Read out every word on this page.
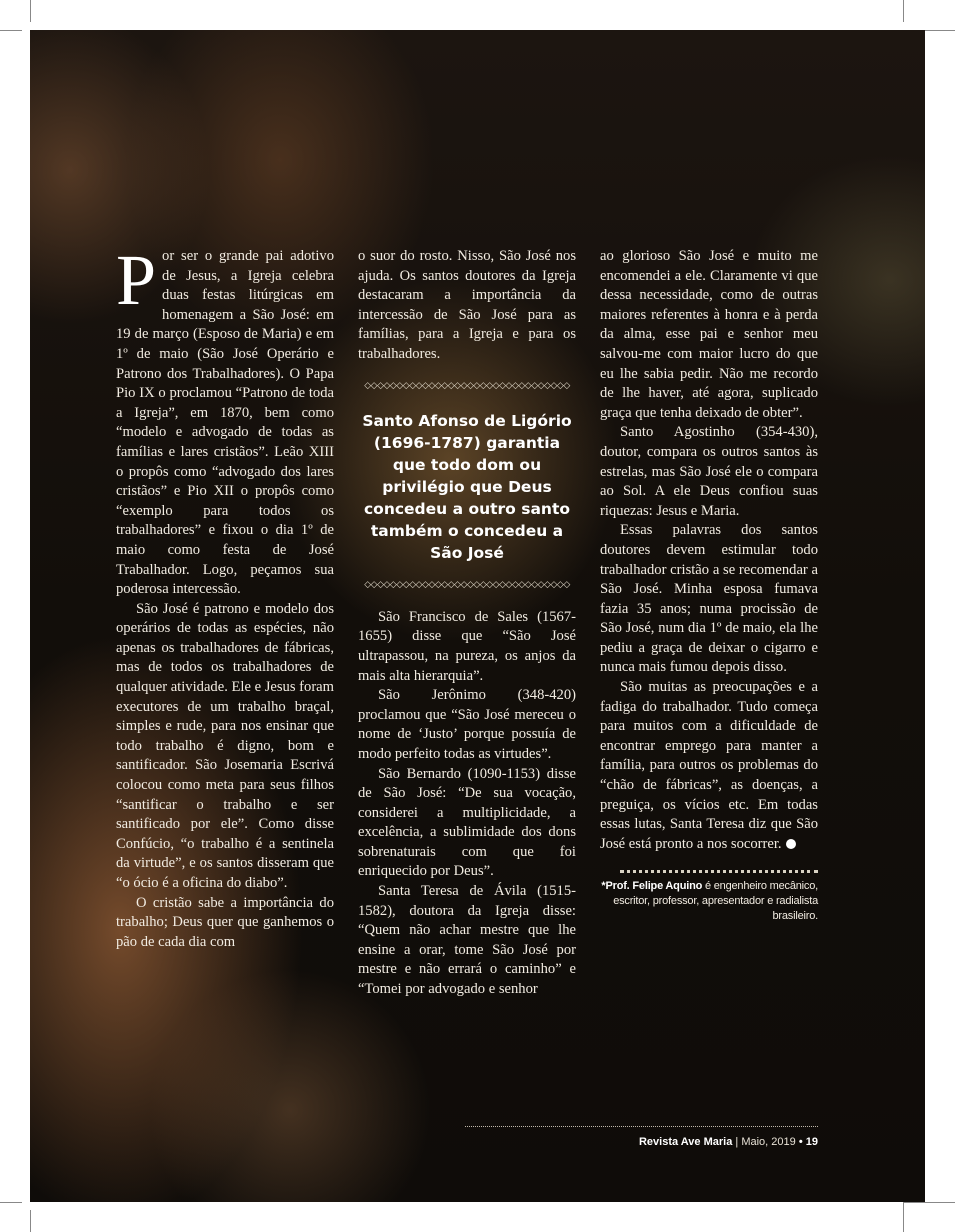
Por ser o grande pai adotivo de Jesus, a Igreja celebra duas festas litúrgicas em homenagem a São José: em 19 de março (Esposo de Maria) e em 1º de maio (São José Operário e Patrono dos Trabalhadores). O Papa Pio IX o proclamou “Patrono de toda a Igreja”, em 1870, bem como “modelo e advogado de todas as famílias e lares cristãos”. Leão XIII o propôs como “advogado dos lares cristãos” e Pio XII o propôs como “exemplo para todos os trabalhadores” e fixou o dia 1º de maio como festa de José Trabalhador. Logo, peçamos sua poderosa intercessão.

São José é patrono e modelo dos operários de todas as espécies, não apenas os trabalhadores de fábricas, mas de todos os trabalhadores de qualquer atividade. Ele e Jesus foram executores de um trabalho braçal, simples e rude, para nos ensinar que todo trabalho é digno, bom e santificador. São Josemaria Escrivá colocou como meta para seus filhos “santificar o trabalho e ser santificado por ele”. Como disse Confúcio, “o trabalho é a sentinela da virtude”, e os santos disseram que “o ócio é a oficina do diabo”.

O cristão sabe a importância do trabalho; Deus quer que ganhemos o pão de cada dia com

o suor do rosto. Nisso, São José nos ajuda. Os santos doutores da Igreja destacaram a importância da intercessão de São José para as famílias, para a Igreja e para os trabalhadores.

◇◇◇◇◇◇◇◇◇◇◇◇◇◇◇◇◇◇◇◇◇◇◇◇◇◇◇◇◇◇◇◇
Santo Afonso de Ligório (1696-1787) garantia que todo dom ou privilégio que Deus concedeu a outro santo também o concedeu a São José
◇◇◇◇◇◇◇◇◇◇◇◇◇◇◇◇◇◇◇◇◇◇◇◇◇◇◇◇◇◇◇◇

São Francisco de Sales (1567-1655) disse que “São José ultrapassou, na pureza, os anjos da mais alta hierarquia”.

São Jerônimo (348-420) proclamou que “São José mereceu o nome de ‘Justo’ porque possuía de modo perfeito todas as virtudes”.

São Bernardo (1090-1153) disse de São José: “De sua vocação, considerei a multiplicidade, a excelência, a sublimidade dos dons sobrenaturais com que foi enriquecido por Deus”.

Santa Teresa de Ávila (1515-1582), doutora da Igreja disse: “Quem não achar mestre que lhe ensine a orar, tome São José por mestre e não errará o caminho” e “Tomei por advogado e senhor

ao glorioso São José e muito me encomendei a ele. Claramente vi que dessa necessidade, como de outras maiores referentes à honra e à perda da alma, esse pai e senhor meu salvou-me com maior lucro do que eu lhe sabia pedir. Não me recordo de lhe haver, até agora, suplicado graça que tenha deixado de obter”.

Santo Agostinho (354-430), doutor, compara os outros santos às estrelas, mas São José ele o compara ao Sol. A ele Deus confiou suas riquezas: Jesus e Maria.

Essas palavras dos santos doutores devem estimular todo trabalhador cristão a se recomendar a São José. Minha esposa fumava fazia 35 anos; numa procissão de São José, num dia 1º de maio, ela lhe pediu a graça de deixar o cigarro e nunca mais fumou depois disso.

São muitas as preocupações e a fadiga do trabalhador. Tudo começa para muitos com a dificuldade de encontrar emprego para manter a família, para outros os problemas do “chão de fábricas”, as doenças, a preguiça, os vícios etc. Em todas essas lutas, Santa Teresa diz que São José está pronto a nos socorrer.

*Prof. Felipe Aquino é engenheiro mecânico, escritor, professor, apresentador e radialista brasileiro.
Revista Ave Maria | Maio, 2019 • 19
